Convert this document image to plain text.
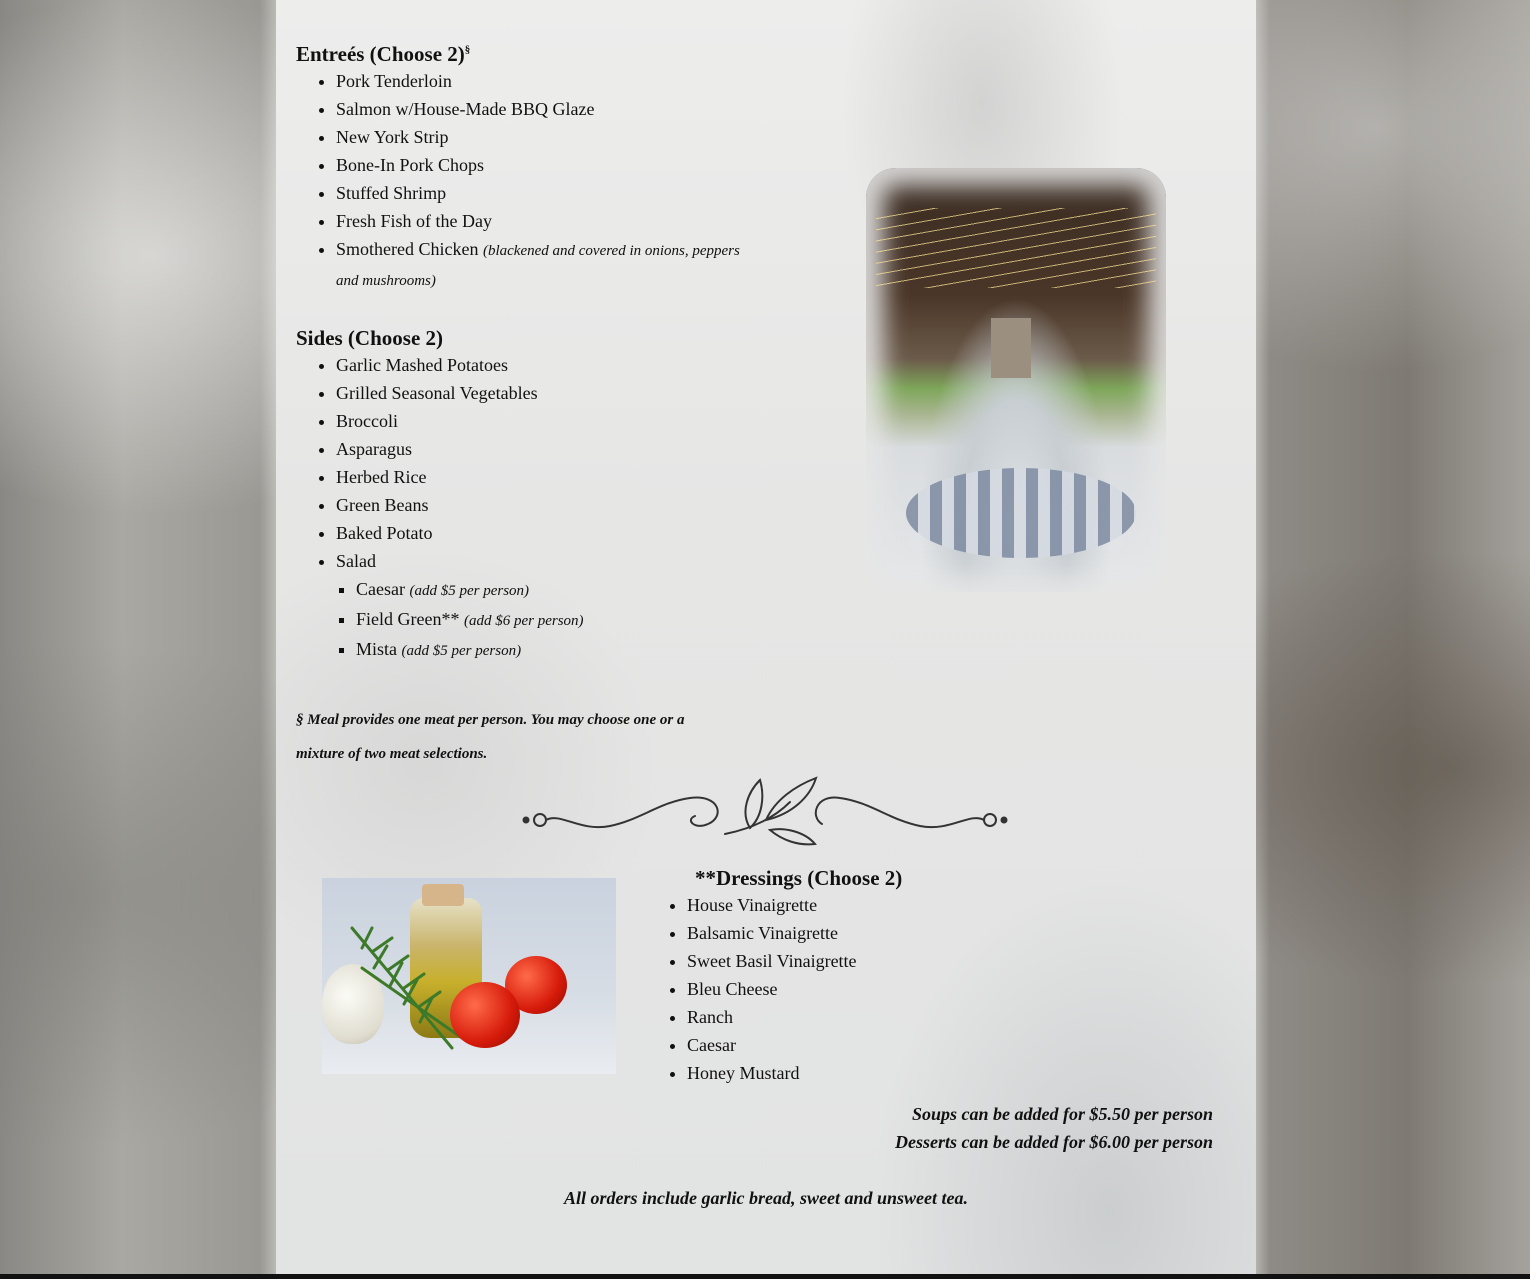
Entreés (Choose 2)§
• Pork Tenderloin
• Salmon w/House-Made BBQ Glaze
• New York Strip
• Bone-In Pork Chops
• Stuffed Shrimp
• Fresh Fish of the Day
• Smothered Chicken (blackened and covered in onions, peppers and mushrooms)
Sides (Choose 2)
• Garlic Mashed Potatoes
• Grilled Seasonal Vegetables
• Broccoli
• Asparagus
• Herbed Rice
• Green Beans
• Baked Potato
• Salad
▪ Caesar (add $5 per person)
▪ Field Green** (add $6 per person)
▪ Mista (add $5 per person)

§ Meal provides one meat per person. You may choose one or a mixture of two meat selections.

**Dressings (Choose 2)
• House Vinaigrette
• Balsamic Vinaigrette
• Sweet Basil Vinaigrette
• Bleu Cheese
• Ranch
• Caesar
• Honey Mustard
Soups can be added for $5.50 per person
Desserts can be added for $6.00 per person
All orders include garlic bread, sweet and unsweet tea.
